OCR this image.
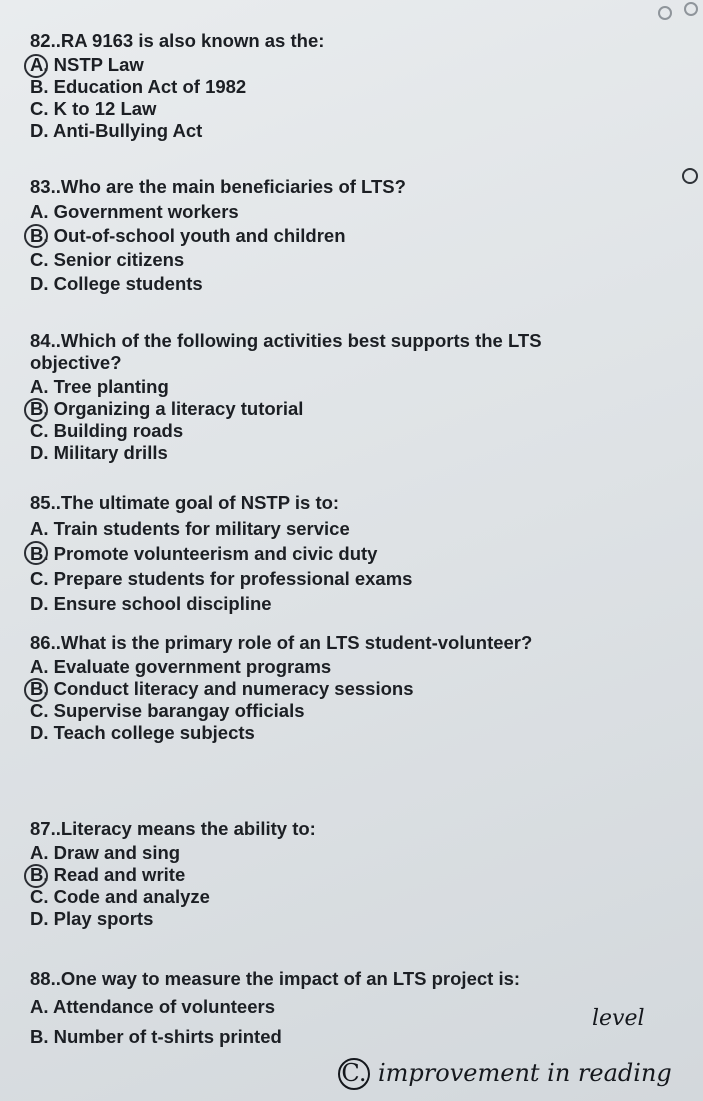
82..RA 9163 is also known as the:
A. NSTP Law
B. Education Act of 1982
C. K to 12 Law
D. Anti-Bullying Act
83..Who are the main beneficiaries of LTS?
A. Government workers
B. Out-of-school youth and children
C. Senior citizens
D. College students
84..Which of the following activities best supports the LTS objective?
A. Tree planting
B. Organizing a literacy tutorial
C. Building roads
D. Military drills
85..The ultimate goal of NSTP is to:
A. Train students for military service
B. Promote volunteerism and civic duty
C. Prepare students for professional exams
D. Ensure school discipline
86..What is the primary role of an LTS student-volunteer?
A. Evaluate government programs
B. Conduct literacy and numeracy sessions
C. Supervise barangay officials
D. Teach college subjects
87..Literacy means the ability to:
A. Draw and sing
B. Read and write
C. Code and analyze
D. Play sports
88..One way to measure the impact of an LTS project is:
A. Attendance of volunteers
B. Number of t-shirts printed
level
C. improvement in reading
